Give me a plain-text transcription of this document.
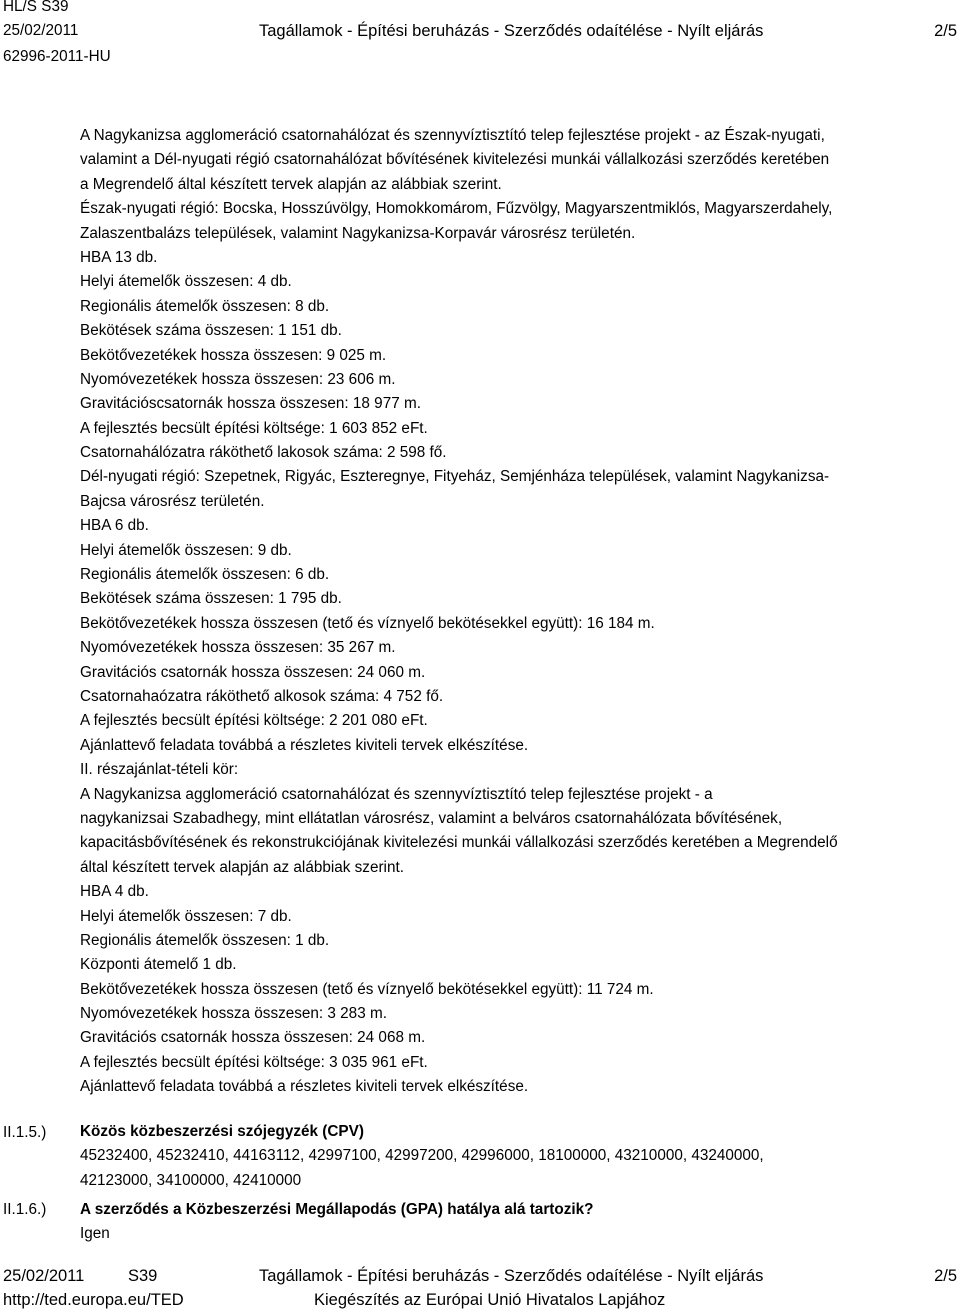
HL/S S39
25/02/2011
62996-2011-HU
Tagállamok - Építési beruházás - Szerződés odaítélése - Nyílt eljárás	2/5
A Nagykanizsa agglomeráció csatornahálózat és szennyvíztisztító telep fejlesztése projekt - az Észak-nyugati,
valamint a Dél-nyugati régió csatornahálózat bővítésének kivitelezési munkái vállalkozási szerződés keretében
a Megrendelő által készített tervek alapján az alábbiak szerint.
Észak-nyugati régió: Bocska, Hosszúvölgy, Homokkomárom, Fűzvölgy, Magyarszentmiklós, Magyarszerdahely,
Zalaszentbalázs települések, valamint Nagykanizsa-Korpavár városrész területén.
HBA 13 db.
Helyi átemelők összesen: 4 db.
Regionális átemelők összesen: 8 db.
Bekötések száma összesen: 1 151 db.
Bekötővezetékek hossza összesen: 9 025 m.
Nyomóvezetékek hossza összesen: 23 606 m.
Gravitációscsatornák hossza összesen: 18 977 m.
A fejlesztés becsült építési költsége: 1 603 852 eFt.
Csatornahálózatra ráköthető lakosok száma: 2 598 fő.
Dél-nyugati régió: Szepetnek, Rigyác, Eszteregnye, Fityeház, Semjénháza települések, valamint Nagykanizsa-
Bajcsa városrész területén.
HBA 6 db.
Helyi átemelők összesen: 9 db.
Regionális átemelők összesen: 6 db.
Bekötések száma összesen: 1 795 db.
Bekötővezetékek hossza összesen (tető és víznyelő bekötésekkel együtt): 16 184 m.
Nyomóvezetékek hossza összesen: 35 267 m.
Gravitációs csatornák hossza összesen: 24 060 m.
Csatornahaózatra ráköthető alkosok száma: 4 752 fő.
A fejlesztés becsült építési költsége: 2 201 080 eFt.
Ajánlattevő feladata továbbá a részletes kiviteli tervek elkészítése.
II. részajánlat-tételi kör:
A Nagykanizsa agglomeráció csatornahálózat és szennyvíztisztító telep fejlesztése projekt - a
nagykanizsai Szabadhegy, mint ellátatlan városrész, valamint a belváros csatornahálózata bővítésének,
kapacitásbővítésének és rekonstrukciójának kivitelezési munkái vállalkozási szerződés keretében a Megrendelő
által készített tervek alapján az alábbiak szerint.
HBA 4 db.
Helyi átemelők összesen: 7 db.
Regionális átemelők összesen: 1 db.
Központi átemelő 1 db.
Bekötővezetékek hossza összesen (tető és víznyelő bekötésekkel együtt): 11 724 m.
Nyomóvezetékek hossza összesen: 3 283 m.
Gravitációs csatornák hossza összesen: 24 068 m.
A fejlesztés becsült építési költsége: 3 035 961 eFt.
Ajánlattevő feladata továbbá a részletes kiviteli tervek elkészítése.
II.1.5.) Közös közbeszerzési szójegyzék (CPV)
45232400, 45232410, 44163112, 42997100, 42997200, 42996000, 18100000, 43210000, 43240000,
42123000, 34100000, 42410000
II.1.6.) A szerződés a Közbeszerzési Megállapodás (GPA) hatálya alá tartozik?
Igen
25/02/2011	S39	Tagállamok - Építési beruházás - Szerződés odaítélése - Nyílt eljárás	2/5
http://ted.europa.eu/TED	Kiegészítés az Európai Unió Hivatalos Lapjához
